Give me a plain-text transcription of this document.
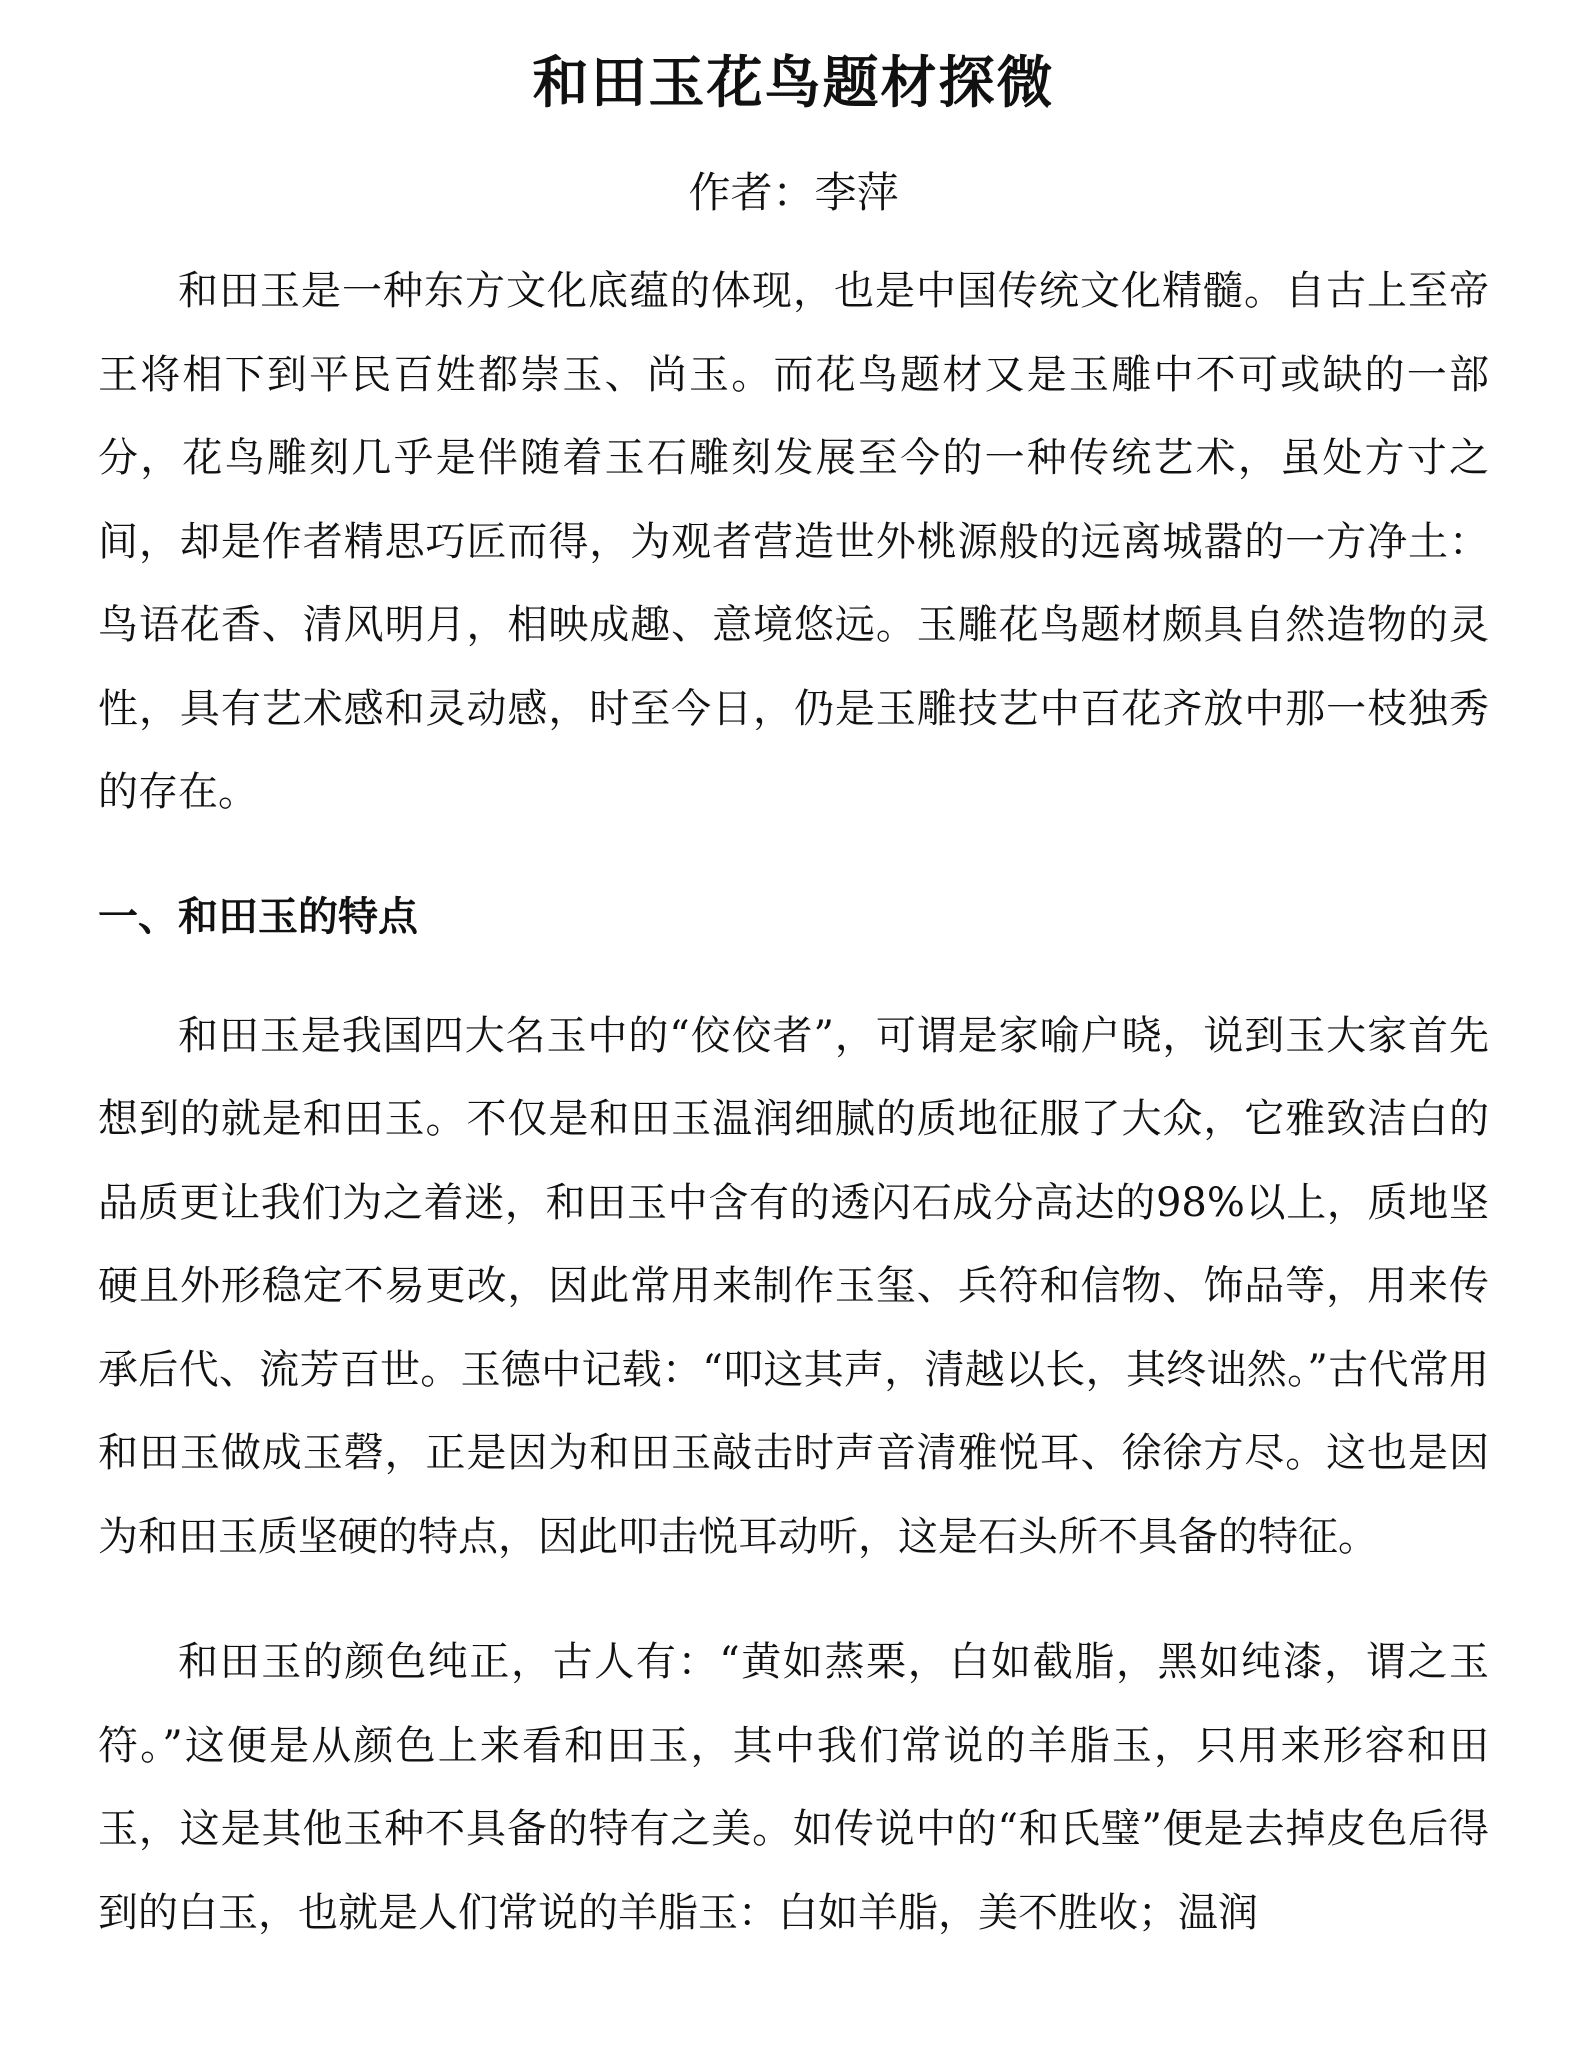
和田玉花鸟题材探微
作者：李萍

和田玉是一种东方文化底蕴的体现，也是中国传统文化精髓。自古上至帝王将相下到平民百姓都崇玉、尚玉。而花鸟题材又是玉雕中不可或缺的一部分，花鸟雕刻几乎是伴随着玉石雕刻发展至今的一种传统艺术，虽处方寸之间，却是作者精思巧匠而得，为观者营造世外桃源般的远离城嚣的一方净土：鸟语花香、清风明月，相映成趣、意境悠远。玉雕花鸟题材颇具自然造物的灵性，具有艺术感和灵动感，时至今日，仍是玉雕技艺中百花齐放中那一枝独秀的存在。

一、和田玉的特点

和田玉是我国四大名玉中的“佼佼者”，可谓是家喻户晓，说到玉大家首先想到的就是和田玉。不仅是和田玉温润细腻的质地征服了大众，它雅致洁白的品质更让我们为之着迷，和田玉中含有的透闪石成分高达的98%以上，质地坚硬且外形稳定不易更改，因此常用来制作玉玺、兵符和信物、饰品等，用来传承后代、流芳百世。玉德中记载：“叩这其声，清越以长，其终诎然。”古代常用和田玉做成玉磬，正是因为和田玉敲击时声音清雅悦耳、徐徐方尽。这也是因为和田玉质坚硬的特点，因此叩击悦耳动听，这是石头所不具备的特征。

和田玉的颜色纯正，古人有：“黄如蒸栗，白如截脂，黑如纯漆，谓之玉符。”这便是从颜色上来看和田玉，其中我们常说的羊脂玉，只用来形容和田玉，这是其他玉种不具备的特有之美。如传说中的“和氏璧”便是去掉皮色后得到的白玉，也就是人们常说的羊脂玉：白如羊脂，美不胜收；温润
